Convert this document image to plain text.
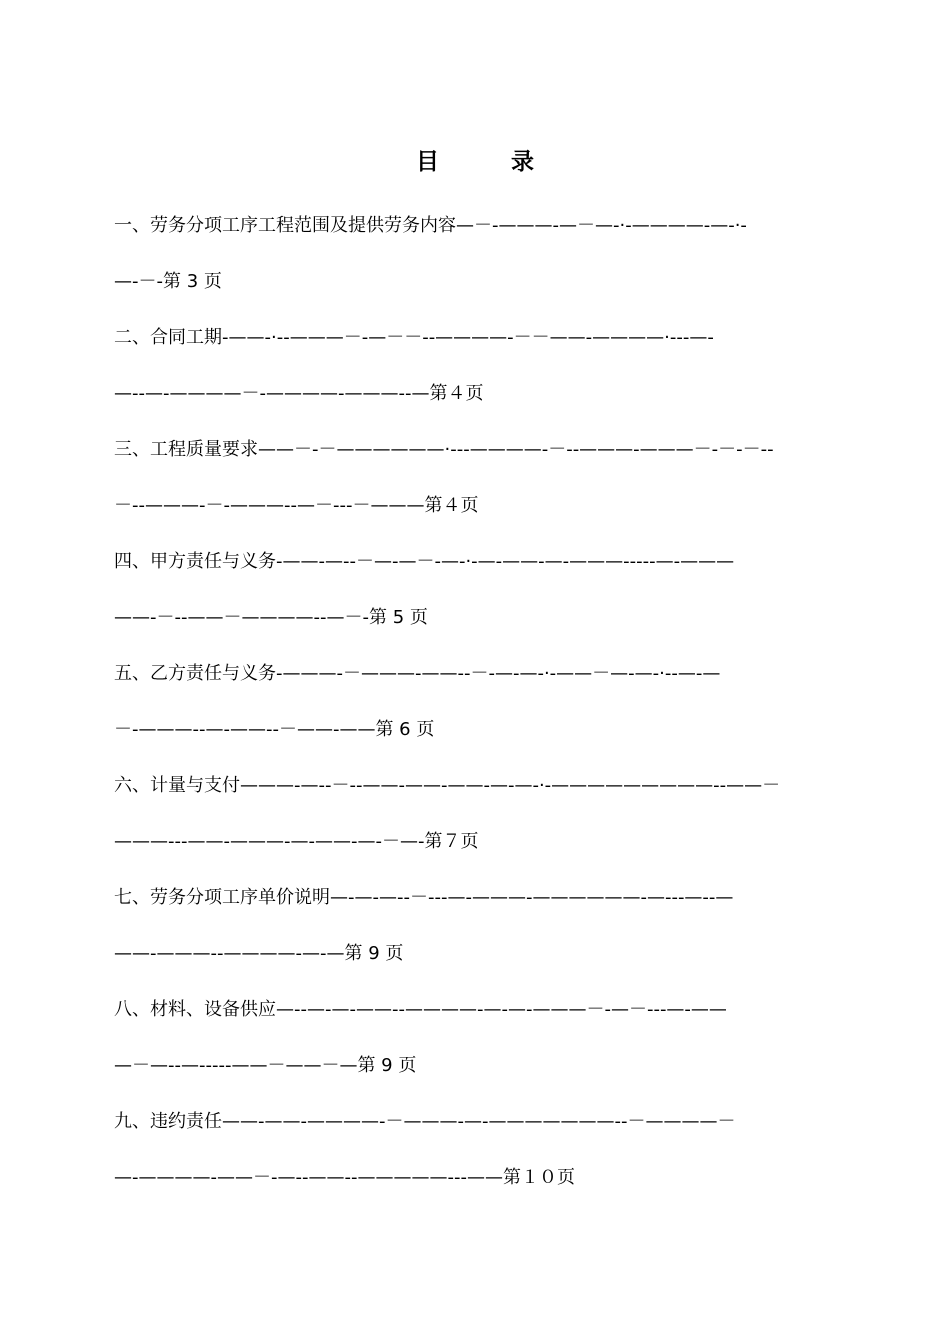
目	录
一、劳务分项工序工程范围及提供劳务内容—－-———-—－—-·-————-—-·-
—-－-第 3 页
二、合同工期-——-·--———－-—－－--————-－－——-————·---—-
—--—-————－-————-———--—第４页
三、工程质量要求——－-－——————·---————-－--———-———－-－-－--
－--———-－-———--—－---－———第４页
四、甲方责任与义务-——-—--－—-—－-—-·-—-——-—-———-----—-———
——-－--——－————--—－-第 5 页
五、乙方责任与义务-———-－———-——--－-—-—-·-——－—-—-·--—-—
－-———--—-——--－——-——第 6 页
六、计量与支付———-—--－--——-——-——-—-—-·-—————————--——－
———---——-———-—-——-—-－—-第７页
七、劳务分项工序单价说明—-—-—--－---—-———-——————-—---—--—
——-———--————-—-—第 9 页
八、材料、设备供应—--—-—-——--————-—-—-———－-—－---—-——
—－—--—-----——－——－—第 9 页
九、违约责任——-——-————-－———-—-———————--－————－
—-————-——－-—--——--—————---——第１０页
